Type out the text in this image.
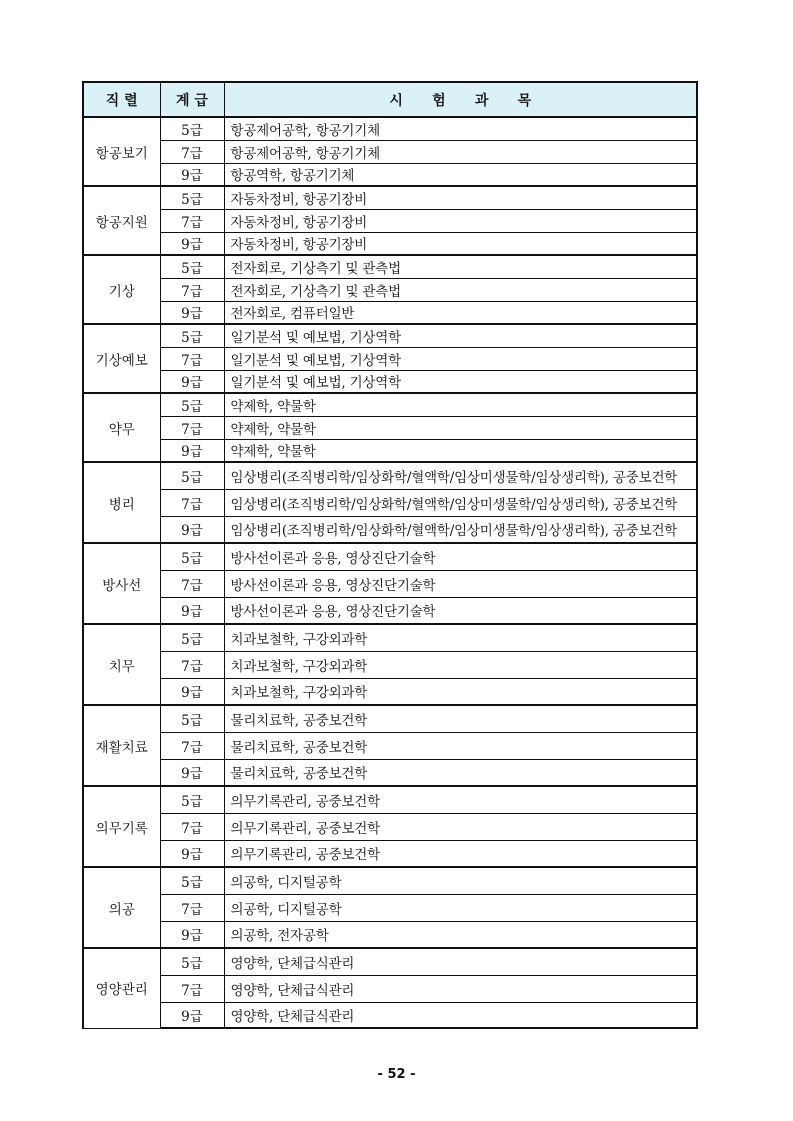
직 렬	계 급	시      험      과      목
항공보기	5급	항공제어공학, 항공기기체
	7급	항공제어공학, 항공기기체
	9급	항공역학, 항공기기체
항공지원	5급	자동차정비, 항공기장비
	7급	자동차정비, 항공기장비
	9급	자동차정비, 항공기장비
기상	5급	전자회로, 기상측기 및 관측법
	7급	전자회로, 기상측기 및 관측법
	9급	전자회로, 컴퓨터일반
기상예보	5급	일기분석 및 예보법, 기상역학
	7급	일기분석 및 예보법, 기상역학
	9급	일기분석 및 예보법, 기상역학
약무	5급	약제학, 약물학
	7급	약제학, 약물학
	9급	약제학, 약물학
병리	5급	임상병리(조직병리학/임상화학/혈액학/임상미생물학/임상생리학), 공중보건학
	7급	임상병리(조직병리학/임상화학/혈액학/임상미생물학/임상생리학), 공중보건학
	9급	임상병리(조직병리학/임상화학/혈액학/임상미생물학/임상생리학), 공중보건학
방사선	5급	방사선이론과 응용, 영상진단기술학
	7급	방사선이론과 응용, 영상진단기술학
	9급	방사선이론과 응용, 영상진단기술학
치무	5급	치과보철학, 구강외과학
	7급	치과보철학, 구강외과학
	9급	치과보철학, 구강외과학
재활치료	5급	물리치료학, 공중보건학
	7급	물리치료학, 공중보건학
	9급	물리치료학, 공중보건학
의무기록	5급	의무기록관리, 공중보건학
	7급	의무기록관리, 공중보건학
	9급	의무기록관리, 공중보건학
의공	5급	의공학, 디지털공학
	7급	의공학, 디지털공학
	9급	의공학, 전자공학
영양관리	5급	영양학, 단체급식관리
	7급	영양학, 단체급식관리
	9급	영양학, 단체급식관리
- 52 -
